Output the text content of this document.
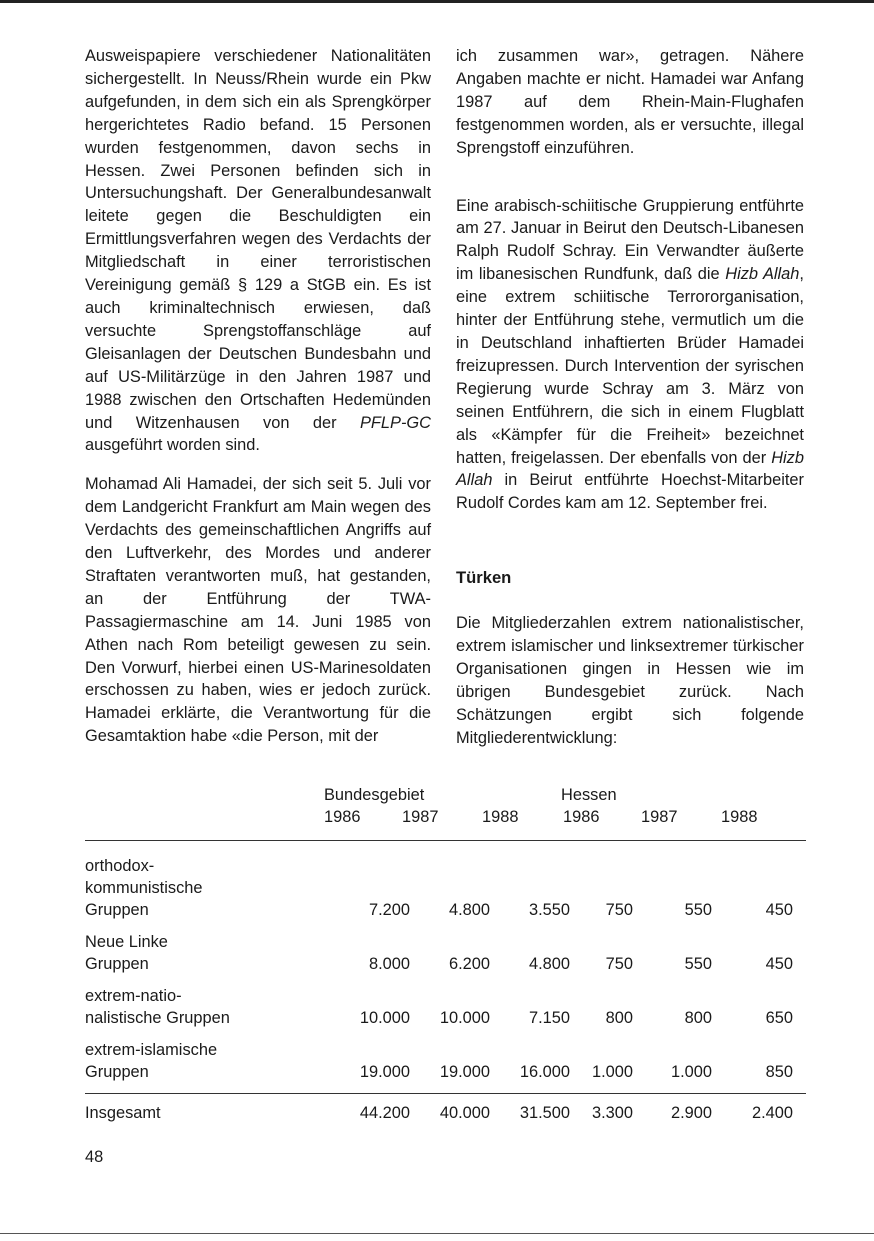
Ausweispapiere verschiedener Nationalitäten sichergestellt. In Neuss/Rhein wurde ein Pkw aufgefunden, in dem sich ein als Sprengkörper hergerichtetes Radio befand. 15 Personen wurden festgenommen, davon sechs in Hessen. Zwei Personen befinden sich in Untersuchungshaft. Der Generalbundesanwalt leitete gegen die Beschuldigten ein Ermittlungsverfahren wegen des Verdachts der Mitgliedschaft in einer terroristischen Vereinigung gemäß § 129 a StGB ein. Es ist auch kriminaltechnisch erwiesen, daß versuchte Sprengstoffanschläge auf Gleisanlagen der Deutschen Bundesbahn und auf US-Militärzüge in den Jahren 1987 und 1988 zwischen den Ortschaften Hedemünden und Witzenhausen von der PFLP-GC ausgeführt worden sind.

Mohamad Ali Hamadei, der sich seit 5. Juli vor dem Landgericht Frankfurt am Main wegen des Verdachts des gemeinschaftlichen Angriffs auf den Luftverkehr, des Mordes und anderer Straftaten verantworten muß, hat gestanden, an der Entführung der TWA-Passagiermaschine am 14. Juni 1985 von Athen nach Rom beteiligt gewesen zu sein. Den Vorwurf, hierbei einen US-Marinesoldaten erschossen zu haben, wies er jedoch zurück. Hamadei erklärte, die Verantwortung für die Gesamtaktion habe «die Person, mit der

ich zusammen war», getragen. Nähere Angaben machte er nicht. Hamadei war Anfang 1987 auf dem Rhein-Main-Flughafen festgenommen worden, als er versuchte, illegal Sprengstoff einzuführen.

Eine arabisch-schiitische Gruppierung entführte am 27. Januar in Beirut den Deutsch-Libanesen Ralph Rudolf Schray. Ein Verwandter äußerte im libanesischen Rundfunk, daß die Hizb Allah, eine extrem schiitische Terrororganisation, hinter der Entführung stehe, vermutlich um die in Deutschland inhaftierten Brüder Hamadei freizupressen. Durch Intervention der syrischen Regierung wurde Schray am 3. März von seinen Entführern, die sich in einem Flugblatt als «Kämpfer für die Freiheit» bezeichnet hatten, freigelassen. Der ebenfalls von der Hizb Allah in Beirut entführte Hoechst-Mitarbeiter Rudolf Cordes kam am 12. September frei.

Türken

Die Mitgliederzahlen extrem nationalistischer, extrem islamischer und linksextremer türkischer Organisationen gingen in Hessen wie im übrigen Bundesgebiet zurück. Nach Schätzungen ergibt sich folgende Mitgliederentwicklung:

Bundesgebiet	Hessen
1986	1987	1988	1986	1987	1988
orthodox-
kommunistische
Gruppen	7.200	4.800	3.550	750	550	450
Neue Linke
Gruppen	8.000	6.200	4.800	750	550	450
extrem-natio-
nalistische Gruppen	10.000	10.000	7.150	800	800	650
extrem-islamische
Gruppen	19.000	19.000	16.000	1.000	1.000	850
Insgesamt	44.200	40.000	31.500	3.300	2.900	2.400
48
